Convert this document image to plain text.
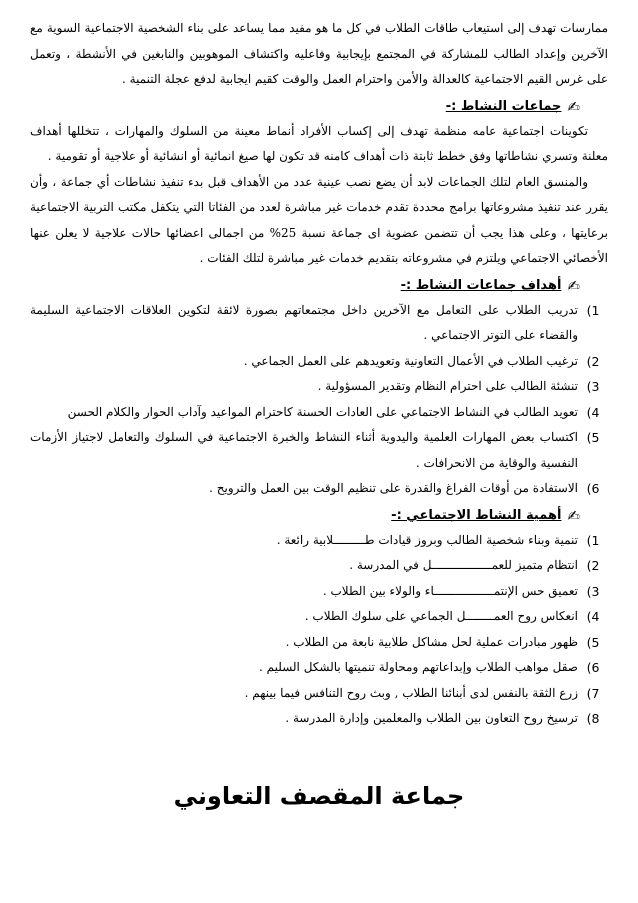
ممارسات تهدف إلى استيعاب طاقات الطلاب في كل ما هو مفيد مما يساعد على بناء الشخصية الاجتماعية السوية مع الآخرين وإعداد الطالب للمشاركة في المجتمع بإيجابية وفاعليه واكتشاف الموهوبين والنابغين في الأنشطة ، وتعمل على غرس القيم الاجتماعية كالعدالة والأمن واحترام العمل والوقت كقيم ايجابية لدفع عجلة التنمية .

✍
جماعات النشاط :-

تكوينات اجتماعية عامه منظمة تهدف إلى إكساب الأفراد أنماط معينة من السلوك والمهارات ، تتخللها أهداف معلنة وتسري نشاطاتها وفق خطط ثابتة ذات أهداف كامنه قد تكون لها صيغ انمائية أو انشائية أو علاجية أو تقومية .

والمنسق العام لتلك الجماعات لابد أن يضع نصب عينية عدد من الأهداف قبل بدء تنفيذ نشاطات أي جماعة ، وأن يقرر عند تنفيذ مشروعاتها برامج محددة تقدم خدمات غير مباشرة لعدد من الفئاتا التي يتكفل مكتب التربية الاجتماعية برعايتها ، وعلى هذا يجب أن تتضمن عضوية اى جماعة نسبة 25% من اجمالى اعضائها حالات علاجية لا يعلن عنها الأخصائي الاجتماعي ويلتزم في مشروعاته بتقديم خدمات غير مباشرة لتلك الفئات .

✍
أهداف جماعات النشاط :-
1)
تدريب الطلاب على التعامل مع الآخرين داخل مجتمعاتهم بصورة لائقة لتكوين العلاقات الاجتماعية السليمة والقضاء على التوتر الاجتماعي .
2)
ترغيب الطلاب في الأعمال التعاونية وتعويدهم على العمل الجماعي .
3)
تنشئة الطالب على احترام النظام وتقدير المسؤولية .
4)
تعويد الطالب في النشاط الاجتماعي على العادات الحسنة كاحترام المواعيد وآداب الحوار والكلام الحسن
5)
اكتساب بعض المهارات العلمية واليدوية أثناء النشاط والخبرة الاجتماعية في السلوك والتعامل لاجتياز الأزمات النفسية والوقاية من الانحرافات .
6)
الاستفادة من أوقات الفراغ والقدرة على تنظيم الوقت بين العمل والترويح .
✍
أهمية النشاط الاجتماعي :-
1)
تنمية وبناء شخصية الطالب وبروز قيادات طـــــــــلابية رائعة .
2)
انتظام متميز للعمـــــــــــــــــل في المدرسة .
3)
تعميق حس الإنتمـــــــــــــــــاء والولاء بين الطلاب .
4)
انعكاس روح العمــــــــل الجماعي على سلوك الطلاب .
5)
ظهور مبادرات عملية لحل مشاكل طلابية نابعة من الطلاب .
6)
صقل مواهب الطلاب وإبداعاتهم ومحاولة تنميتها بالشكل السليم .
7)
زرع الثقة بالنفس لدى أبنائنا الطلاب , وبث روح التنافس فيما بينهم .
8)
ترسيخ روح التعاون بين الطلاب والمعلمين وإدارة المدرسة .
جماعة المقصف التعاوني
